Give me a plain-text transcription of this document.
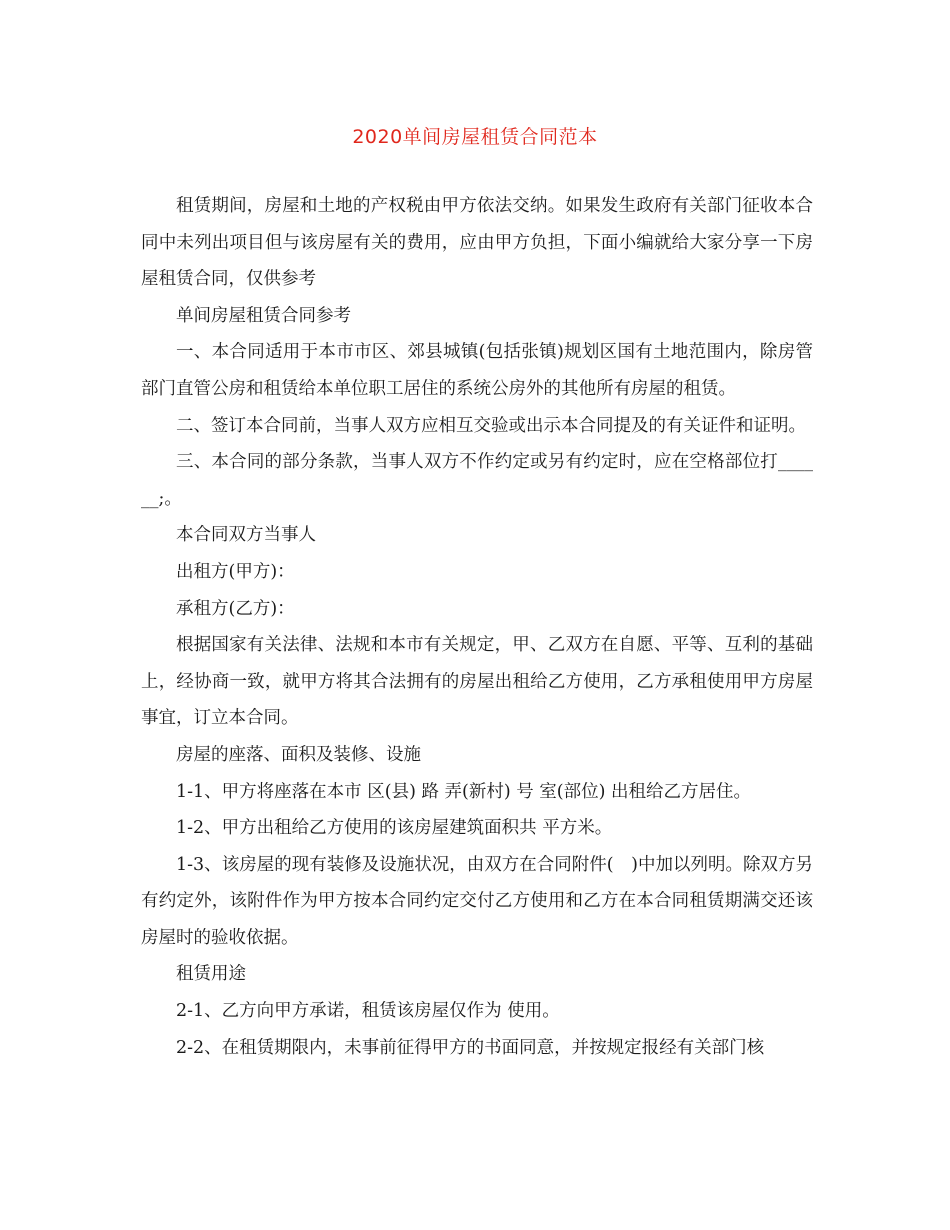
2020单间房屋租赁合同范本

租赁期间，房屋和土地的产权税由甲方依法交纳。如果发生政府有关部门征收本合同中未列出项目但与该房屋有关的费用，应由甲方负担，下面小编就给大家分享一下房屋租赁合同，仅供参考

单间房屋租赁合同参考

一、本合同适用于本市市区、郊县城镇(包括张镇)规划区国有土地范围内，除房管部门直管公房和租赁给本单位职工居住的系统公房外的其他所有房屋的租赁。

二、签订本合同前，当事人双方应相互交验或出示本合同提及的有关证件和证明。

三、本合同的部分条款，当事人双方不作约定或另有约定时，应在空格部位打______;。

本合同双方当事人

出租方(甲方)：

承租方(乙方)：

根据国家有关法律、法规和本市有关规定，甲、乙双方在自愿、平等、互利的基础上，经协商一致，就甲方将其合法拥有的房屋出租给乙方使用，乙方承租使用甲方房屋事宜，订立本合同。

房屋的座落、面积及装修、设施

1-1、甲方将座落在本市 区(县) 路 弄(新村) 号 室(部位) 出租给乙方居住。

1-2、甲方出租给乙方使用的该房屋建筑面积共 平方米。

1-3、该房屋的现有装修及设施状况，由双方在合同附件(　)中加以列明。除双方另有约定外，该附件作为甲方按本合同约定交付乙方使用和乙方在本合同租赁期满交还该房屋时的验收依据。

租赁用途

2-1、乙方向甲方承诺，租赁该房屋仅作为 使用。

2-2、在租赁期限内，未事前征得甲方的书面同意，并按规定报经有关部门核
